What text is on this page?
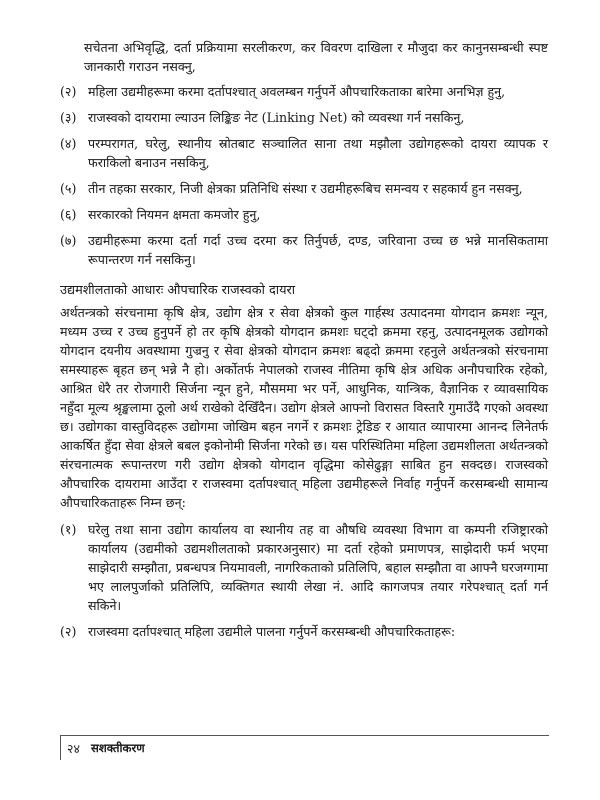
सचेतना अभिवृद्धि, दर्ता प्रक्रियामा सरलीकरण, कर विवरण दाखिला र मौजुदा कर कानुनसम्बन्धी स्पष्ट जानकारी गराउन नसक्नु,

(२) महिला उद्यमीहरूमा करमा दर्तापश्चात् अवलम्बन गर्नुपर्ने औपचारिकताका बारेमा अनभिज्ञ हुनु,
(३) राजस्वको दायरामा ल्याउन लिङ्किङ नेट (Linking Net) को व्यवस्था गर्न नसकिनु,
(४) परम्परागत, घरेलु, स्थानीय स्रोतबाट सञ्चालित साना तथा मझौला उद्योगहरूको दायरा व्यापक र फराकिलो बनाउन नसकिनु,
(५) तीन तहका सरकार, निजी क्षेत्रका प्रतिनिधि संस्था र उद्यमीहरूबिच समन्वय र सहकार्य हुन नसक्नु,
(६) सरकारको नियमन क्षमता कमजोर हुनु,
(७) उद्यमीहरूमा करमा दर्ता गर्दा उच्च दरमा कर तिर्नुपर्छ, दण्ड, जरिवाना उच्च छ भन्ने मानसिकतामा रूपान्तरण गर्न नसकिनु।
उद्यमशीलताको आधारः औपचारिक राजस्वको दायरा

अर्थतन्त्रको संरचनामा कृषि क्षेत्र, उद्योग क्षेत्र र सेवा क्षेत्रको कुल गार्हस्थ उत्पादनमा योगदान क्रमशः न्यून, मध्यम उच्च र उच्च हुनुपर्ने हो तर कृषि क्षेत्रको योगदान क्रमशः घट्दो क्रममा रहनु, उत्पादनमूलक उद्योगको योगदान दयनीय अवस्थामा गुज्रनु र सेवा क्षेत्रको योगदान क्रमशः बढ्दो क्रममा रहनुले अर्थतन्त्रको संरचनामा समस्याहरू बृहत छन् भन्ने नै हो। अर्कोतर्फ नेपालको राजस्व नीतिमा कृषि क्षेत्र अधिक अनौपचारिक रहेको, आश्रित धेरै तर रोजगारी सिर्जना न्यून हुने, मौसममा भर पर्ने, आधुनिक, यान्त्रिक, वैज्ञानिक र व्यावसायिक नहुँदा मूल्य श्रृङ्खलामा ठूलो अर्थ राखेको देखिँदैन। उद्योग क्षेत्रले आफ्नो विरासत विस्तारै गुमाउँदै गएको अवस्था छ। उद्योगका वास्तुविदहरू उद्योगमा जोखिम बहन नगर्ने र क्रमशः ट्रेडिङ र आयात व्यापारमा आनन्द लिनेतर्फ आकर्षित हुँदा सेवा क्षेत्रले बबल इकोनोमी सिर्जना गरेको छ। यस परिस्थितिमा महिला उद्यमशीलता अर्थतन्त्रको संरचनात्मक रूपान्तरण गरी उद्योग क्षेत्रको योगदान वृद्धिमा कोसेढुङ्गा साबित हुन सक्दछ। राजस्वको औपचारिक दायरामा आउँदा र राजस्वमा दर्तापश्चात् महिला उद्यमीहरूले निर्वाह गर्नुपर्ने करसम्बन्धी सामान्य औपचारिकताहरू निम्न छन्:

(१) घरेलु तथा साना उद्योग कार्यालय वा स्थानीय तह वा औषधि व्यवस्था विभाग वा कम्पनी रजिष्ट्रारको कार्यालय (उद्यमीको उद्यमशीलताको प्रकारअनुसार) मा दर्ता रहेको प्रमाणपत्र, साझेदारी फर्म भएमा साझेदारी सम्झौता, प्रबन्धपत्र नियमावली, नागरिकताको प्रतिलिपि, बहाल सम्झौता वा आफ्नै घरजग्गामा भए लालपुर्जाको प्रतिलिपि, व्यक्तिगत स्थायी लेखा नं. आदि कागजपत्र तयार गरेपश्चात् दर्ता गर्न सकिने।
(२) राजस्वमा दर्तापश्चात् महिला उद्यमीले पालना गर्नुपर्ने करसम्बन्धी औपचारिकताहरू:
२४ सशक्तीकरण
